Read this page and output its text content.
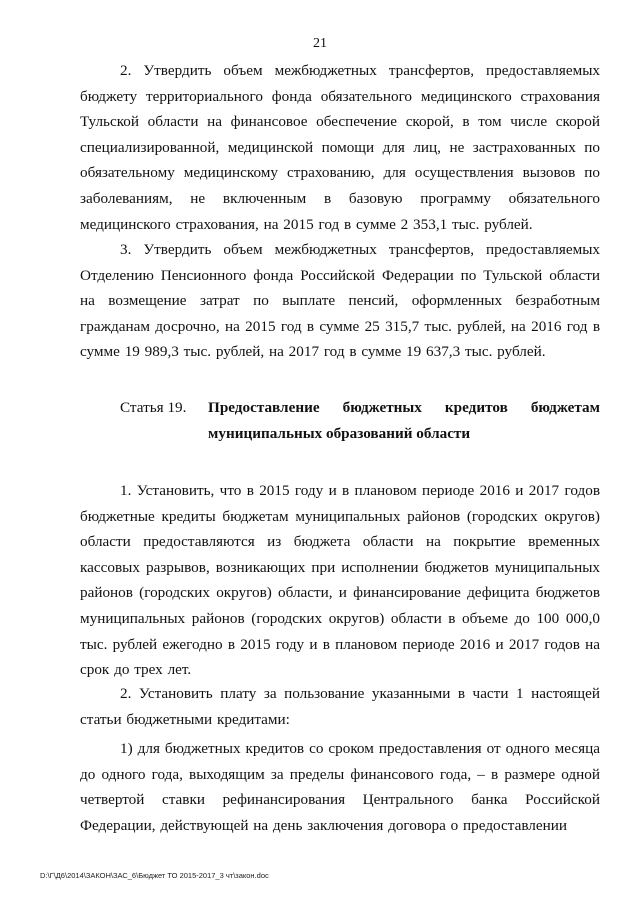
21

2. Утвердить объем межбюджетных трансфертов, предоставляемых бюджету территориального фонда обязательного медицинского страхования Тульской области на финансовое обеспечение скорой, в том числе скорой специализированной, медицинской помощи для лиц, не застрахованных по обязательному медицинскому страхованию, для осуществления вызовов по заболеваниям, не включенным в базовую программу обязательного медицинского страхования, на 2015 год в сумме 2 353,1 тыс. рублей.

3. Утвердить объем межбюджетных трансфертов, предоставляемых Отделению Пенсионного фонда Российской Федерации по Тульской области на возмещение затрат по выплате пенсий, оформленных безработным гражданам досрочно, на 2015 год в сумме 25 315,7 тыс. рублей, на 2016 год в сумме 19 989,3 тыс. рублей, на 2017 год в сумме 19 637,3 тыс. рублей.

Статья 19.	Предоставление бюджетных кредитов бюджетам
муниципальных образований области

1. Установить, что в 2015 году и в плановом периоде 2016 и 2017 годов бюджетные кредиты бюджетам муниципальных районов (городских округов) области предоставляются из бюджета области на покрытие временных кассовых разрывов, возникающих при исполнении бюджетов муниципальных районов (городских округов) области, и финансирование дефицита бюджетов муниципальных районов (городских округов) области в объеме до 100 000,0 тыс. рублей ежегодно в 2015 году и в плановом периоде 2016 и 2017 годов на срок до трех лет.

2. Установить плату за пользование указанными в части 1 настоящей статьи бюджетными кредитами:

1) для бюджетных кредитов со сроком предоставления от одного месяца до одного года, выходящим за пределы финансового года, – в размере одной четвертой ставки рефинансирования Центрального банка Российской Федерации, действующей на день заключения договора о предоставлении

D:\Г\Д6\2014\ЗАКОН\ЗАС_6\Бюджет ТО 2015-2017_3 чт\закон.doc
